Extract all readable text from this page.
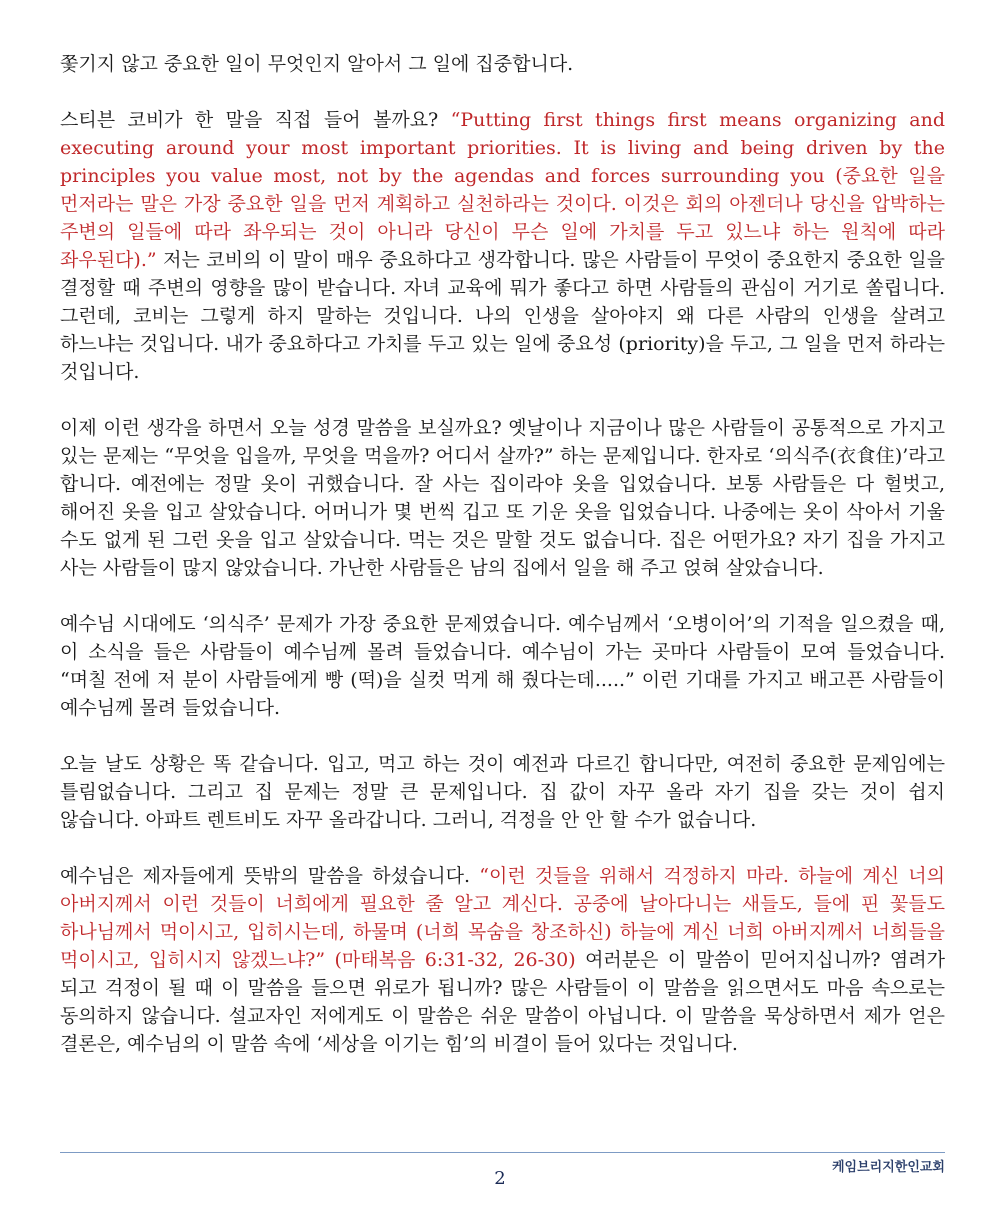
쫓기지 않고 중요한 일이 무엇인지 알아서 그 일에 집중합니다.

스티븐 코비가 한 말을 직접 들어 볼까요? “Putting first things first means organizing and executing around your most important priorities. It is living and being driven by the principles you value most, not by the agendas and forces surrounding you (중요한 일을 먼저라는 말은 가장 중요한 일을 먼저 계획하고 실천하라는 것이다. 이것은 회의 아젠더나 당신을 압박하는 주변의 일들에 따라 좌우되는 것이 아니라 당신이 무슨 일에 가치를 두고 있느냐 하는 원칙에 따라 좌우된다).” 저는 코비의 이 말이 매우 중요하다고 생각합니다. 많은 사람들이 무엇이 중요한지 중요한 일을 결정할 때 주변의 영향을 많이 받습니다. 자녀 교육에 뭐가 좋다고 하면 사람들의 관심이 거기로 쏠립니다. 그런데, 코비는 그렇게 하지 말하는 것입니다. 나의 인생을 살아야지 왜 다른 사람의 인생을 살려고 하느냐는 것입니다. 내가 중요하다고 가치를 두고 있는 일에 중요성 (priority)을 두고, 그 일을 먼저 하라는 것입니다.

이제 이런 생각을 하면서 오늘 성경 말씀을 보실까요? 옛날이나 지금이나 많은 사람들이 공통적으로 가지고 있는 문제는 “무엇을 입을까, 무엇을 먹을까? 어디서 살까?” 하는 문제입니다. 한자로 ‘의식주(衣食住)’라고 합니다. 예전에는 정말 옷이 귀했습니다. 잘 사는 집이라야 옷을 입었습니다. 보통 사람들은 다 헐벗고, 해어진 옷을 입고 살았습니다. 어머니가 몇 번씩 깁고 또 기운 옷을 입었습니다. 나중에는 옷이 삭아서 기울 수도 없게 된 그런 옷을 입고 살았습니다. 먹는 것은 말할 것도 없습니다. 집은 어떤가요? 자기 집을 가지고 사는 사람들이 많지 않았습니다. 가난한 사람들은 남의 집에서 일을 해 주고 얹혀 살았습니다.

예수님 시대에도 ‘의식주’ 문제가 가장 중요한 문제였습니다. 예수님께서 ‘오병이어’의 기적을 일으켰을 때, 이 소식을 들은 사람들이 예수님께 몰려 들었습니다. 예수님이 가는 곳마다 사람들이 모여 들었습니다. “며칠 전에 저 분이 사람들에게 빵 (떡)을 실컷 먹게 해 줬다는데.....” 이런 기대를 가지고 배고픈 사람들이 예수님께 몰려 들었습니다.

오늘 날도 상황은 똑 같습니다. 입고, 먹고 하는 것이 예전과 다르긴 합니다만, 여전히 중요한 문제임에는 틀림없습니다. 그리고 집 문제는 정말 큰 문제입니다. 집 값이 자꾸 올라 자기 집을 갖는 것이 쉽지 않습니다. 아파트 렌트비도 자꾸 올라갑니다. 그러니, 걱정을 안 안 할 수가 없습니다.

예수님은 제자들에게 뜻밖의 말씀을 하셨습니다. “이런 것들을 위해서 걱정하지 마라. 하늘에 계신 너의 아버지께서 이런 것들이 너희에게 필요한 줄 알고 계신다. 공중에 날아다니는 새들도, 들에 핀 꽃들도 하나님께서 먹이시고, 입히시는데, 하물며 (너희 목숨을 창조하신) 하늘에 계신 너희 아버지께서 너희들을 먹이시고, 입히시지 않겠느냐?” (마태복음 6:31-32, 26-30) 여러분은 이 말씀이 믿어지십니까? 염려가 되고 걱정이 될 때 이 말씀을 들으면 위로가 됩니까? 많은 사람들이 이 말씀을 읽으면서도 마음 속으로는 동의하지 않습니다. 설교자인 저에게도 이 말씀은 쉬운 말씀이 아닙니다. 이 말씀을 묵상하면서 제가 얻은 결론은, 예수님의 이 말씀 속에 ‘세상을 이기는 힘’의 비결이 들어 있다는 것입니다.

케임브리지한인교회
2
